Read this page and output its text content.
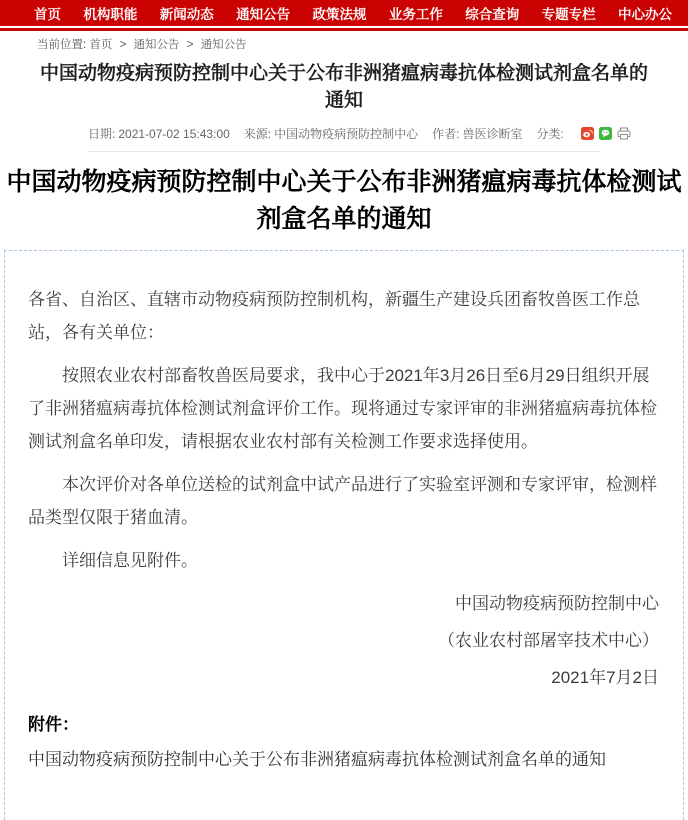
首页	机构职能	新闻动态	通知公告	政策法规	业务工作	综合查询	专题专栏	中心办公
当前位置: 首页 > 通知公告 > 通知公告
中国动物疫病预防控制中心关于公布非洲猪瘟病毒抗体检测试剂盒名单的通知
日期: 2021-07-02 15:43:00 来源: 中国动物疫病预防控制中心 作者: 兽医诊断室 分类:
中国动物疫病预防控制中心关于公布非洲猪瘟病毒抗体检测试剂盒名单的通知

各省、自治区、直辖市动物疫病预防控制机构，新疆生产建设兵团畜牧兽医工作总站，各有关单位：

按照农业农村部畜牧兽医局要求，我中心于2021年3月26日至6月29日组织开展了非洲猪瘟病毒抗体检测试剂盒评价工作。现将通过专家评审的非洲猪瘟病毒抗体检测试剂盒名单印发，请根据农业农村部有关检测工作要求选择使用。

本次评价对各单位送检的试剂盒中试产品进行了实验室评测和专家评审，检测样品类型仅限于猪血清。

详细信息见附件。

中国动物疫病预防控制中心

（农业农村部屠宰技术中心）

2021年7月2日

附件：

中国动物疫病预防控制中心关于公布非洲猪瘟病毒抗体检测试剂盒名单的通知
